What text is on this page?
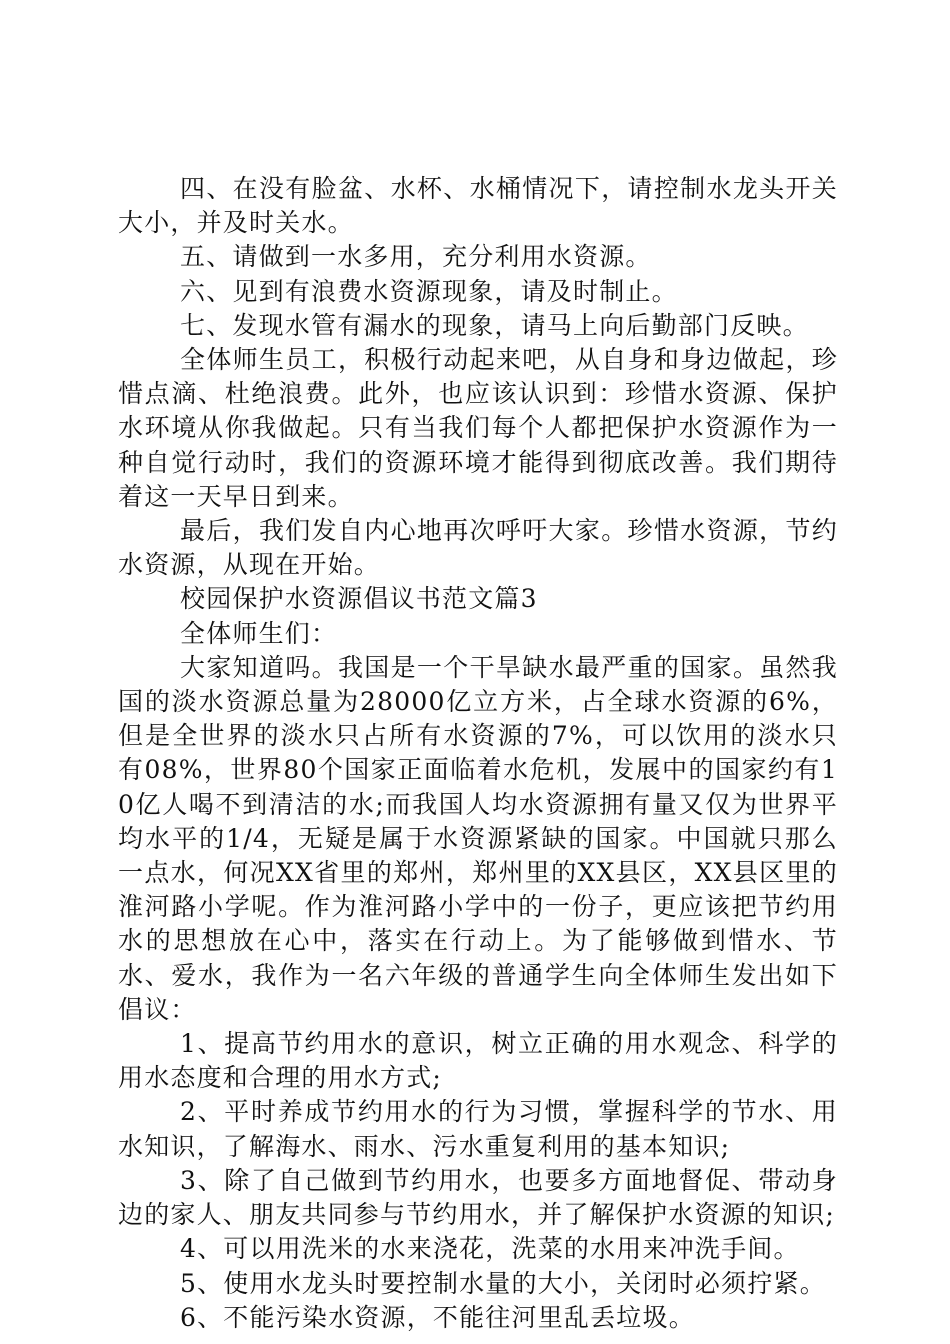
四、在没有脸盆、水杯、水桶情况下，请控制水龙头开关大小，并及时关水。

五、请做到一水多用，充分利用水资源。

六、见到有浪费水资源现象，请及时制止。

七、发现水管有漏水的现象，请马上向后勤部门反映。

全体师生员工，积极行动起来吧，从自身和身边做起，珍惜点滴、杜绝浪费。此外，也应该认识到：珍惜水资源、保护水环境从你我做起。只有当我们每个人都把保护水资源作为一种自觉行动时，我们的资源环境才能得到彻底改善。我们期待着这一天早日到来。

最后，我们发自内心地再次呼吁大家。珍惜水资源，节约水资源，从现在开始。

校园保护水资源倡议书范文篇3

全体师生们：

大家知道吗。我国是一个干旱缺水最严重的国家。虽然我国的淡水资源总量为28000亿立方米，占全球水资源的6%，但是全世界的淡水只占所有水资源的7%，可以饮用的淡水只有08%，世界80个国家正面临着水危机，发展中的国家约有10亿人喝不到清洁的水;而我国人均水资源拥有量又仅为世界平均水平的1/4，无疑是属于水资源紧缺的国家。中国就只那么一点水，何况XX省里的郑州，郑州里的XX县区，XX县区里的淮河路小学呢。作为淮河路小学中的一份子，更应该把节约用水的思想放在心中，落实在行动上。为了能够做到惜水、节水、爱水，我作为一名六年级的普通学生向全体师生发出如下倡议：

1、提高节约用水的意识，树立正确的用水观念、科学的用水态度和合理的用水方式;

2、平时养成节约用水的行为习惯，掌握科学的节水、用水知识，了解海水、雨水、污水重复利用的基本知识;

3、除了自己做到节约用水，也要多方面地督促、带动身边的家人、朋友共同参与节约用水，并了解保护水资源的知识;

4、可以用洗米的水来浇花，洗菜的水用来冲洗手间。

5、使用水龙头时要控制水量的大小，关闭时必须拧紧。

6、不能污染水资源，不能往河里乱丢垃圾。
